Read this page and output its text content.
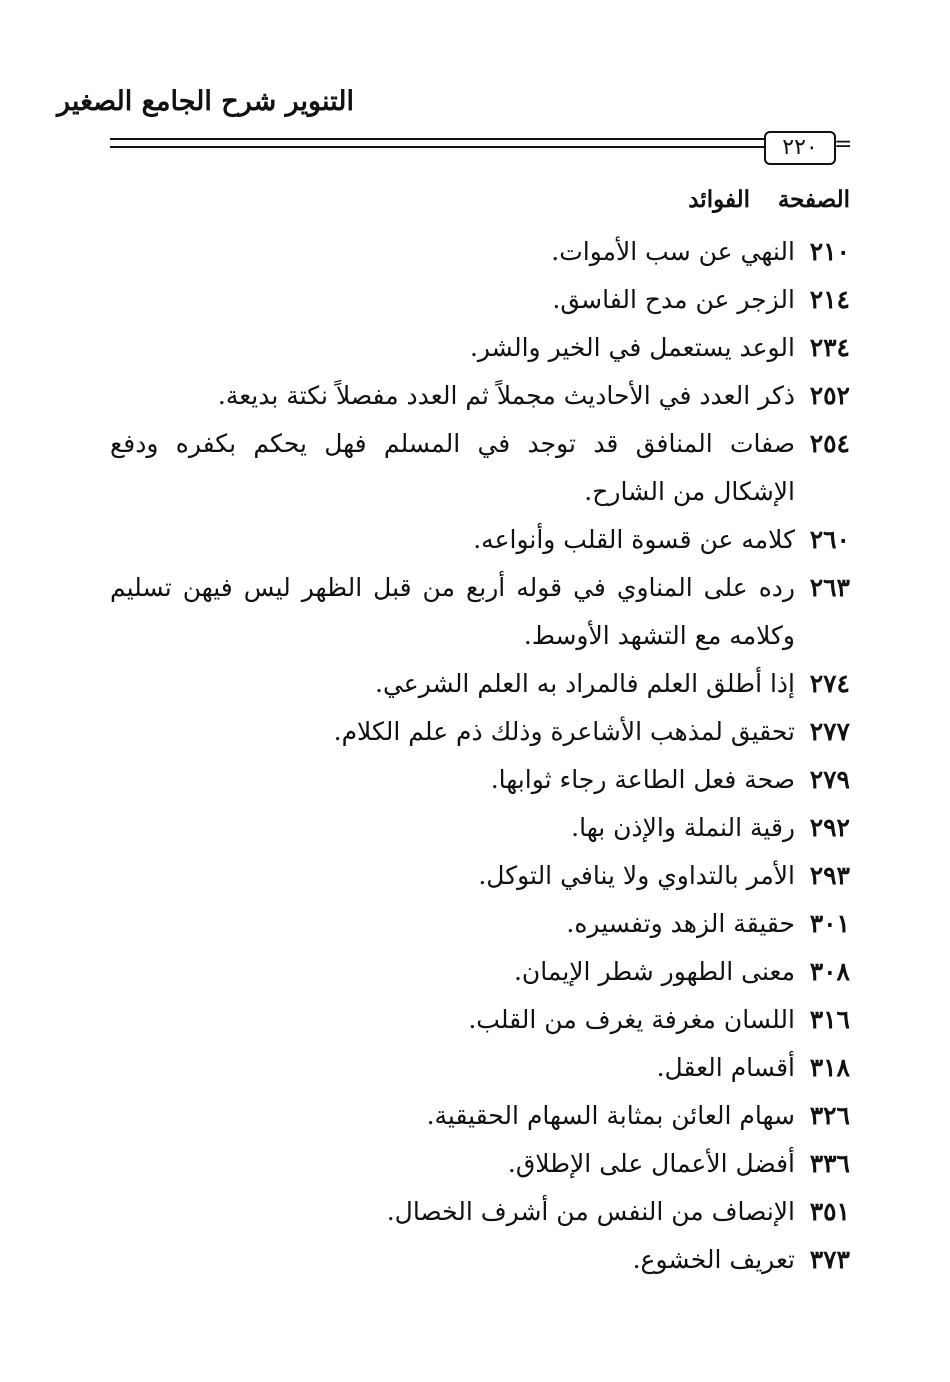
التنوير شرح الجامع الصغير
٢٢٠ =
الصفحة
الفوائد
٢١٠
النهي عن سب الأموات.
٢١٤
الزجر عن مدح الفاسق.
٢٣٤
الوعد يستعمل في الخير والشر.
٢٥٢
ذكر العدد في الأحاديث مجملاً ثم العدد مفصلاً نكتة بديعة.
٢٥٤
صفات المنافق قد توجد في المسلم فهل يحكم بكفره ودفع الإشكال من الشارح.
٢٦٠
كلامه عن قسوة القلب وأنواعه.
٢٦٣
رده على المناوي في قوله أربع من قبل الظهر ليس فيهن تسليم وكلامه مع التشهد الأوسط.
٢٧٤
إذا أطلق العلم فالمراد به العلم الشرعي.
٢٧٧
تحقيق لمذهب الأشاعرة وذلك ذم علم الكلام.
٢٧٩
صحة فعل الطاعة رجاء ثوابها.
٢٩٢
رقية النملة والإذن بها.
٢٩٣
الأمر بالتداوي ولا ينافي التوكل.
٣٠١
حقيقة الزهد وتفسيره.
٣٠٨
معنى الطهور شطر الإيمان.
٣١٦
اللسان مغرفة يغرف من القلب.
٣١٨
أقسام العقل.
٣٢٦
سهام العائن بمثابة السهام الحقيقية.
٣٣٦
أفضل الأعمال على الإطلاق.
٣٥١
الإنصاف من النفس من أشرف الخصال.
٣٧٣
تعريف الخشوع.
